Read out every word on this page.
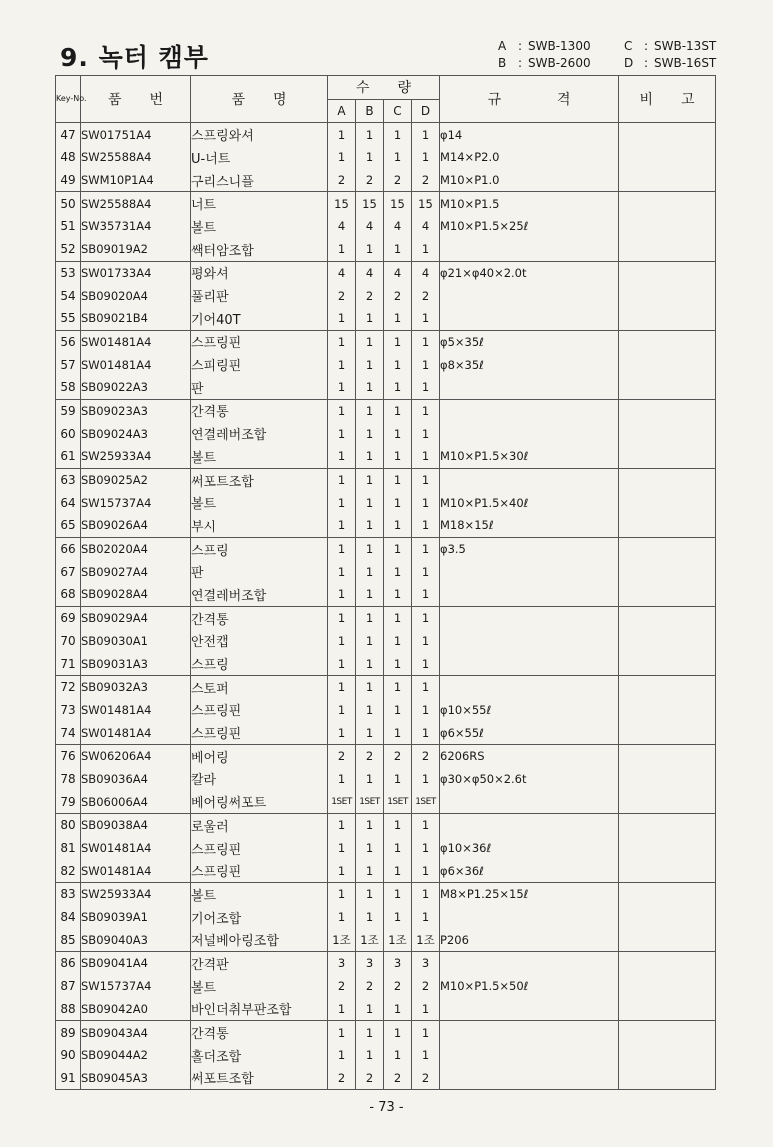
9. 녹터 캠부	A : SWB-1300	C : SWB-13ST
B : SWB-2600	D : SWB-16ST
Key-No.	품　　번	품　　명	수　　량				규　　　　격	비　　고
			A	B	C	D		
47	SW01751A4	스프링와셔	1	1	1	1	φ14	
48	SW25588A4	U-너트	1	1	1	1	M14×P2.0	
49	SWM10P1A4	구리스니플	2	2	2	2	M10×P1.0	
50	SW25588A4	너트	15	15	15	15	M10×P1.5	
51	SW35731A4	볼트	4	4	4	4	M10×P1.5×25ℓ	
52	SB09019A2	쌕터암조합	1	1	1	1		
53	SW01733A4	평와셔	4	4	4	4	φ21×φ40×2.0t	
54	SB09020A4	풀리판	2	2	2	2		
55	SB09021B4	기어40T	1	1	1	1		
56	SW01481A4	스프링핀	1	1	1	1	φ5×35ℓ	
57	SW01481A4	스피링핀	1	1	1	1	φ8×35ℓ	
58	SB09022A3	판	1	1	1	1		
59	SB09023A3	간격통	1	1	1	1		
60	SB09024A3	연결레버조합	1	1	1	1		
61	SW25933A4	볼트	1	1	1	1	M10×P1.5×30ℓ	
63	SB09025A2	써포트조합	1	1	1	1		
64	SW15737A4	볼트	1	1	1	1	M10×P1.5×40ℓ	
65	SB09026A4	부시	1	1	1	1	M18×15ℓ	
66	SB02020A4	스프링	1	1	1	1	φ3.5	
67	SB09027A4	판	1	1	1	1		
68	SB09028A4	연결레버조합	1	1	1	1		
69	SB09029A4	간격통	1	1	1	1		
70	SB09030A1	안전캡	1	1	1	1		
71	SB09031A3	스프링	1	1	1	1		
72	SB09032A3	스토퍼	1	1	1	1		
73	SW01481A4	스프링핀	1	1	1	1	φ10×55ℓ	
74	SW01481A4	스프링핀	1	1	1	1	φ6×55ℓ	
76	SW06206A4	베어링	2	2	2	2	6206RS	
78	SB09036A4	칼라	1	1	1	1	φ30×φ50×2.6t	
79	SB06006A4	베어링써포트	1SET	1SET	1SET	1SET		
80	SB09038A4	로울러	1	1	1	1		
81	SW01481A4	스프링핀	1	1	1	1	φ10×36ℓ	
82	SW01481A4	스프링핀	1	1	1	1	φ6×36ℓ	
83	SW25933A4	볼트	1	1	1	1	M8×P1.25×15ℓ	
84	SB09039A1	기어조합	1	1	1	1		
85	SB09040A3	저널베아링조합	1조	1조	1조	1조	P206	
86	SB09041A4	간격판	3	3	3	3		
87	SW15737A4	볼트	2	2	2	2	M10×P1.5×50ℓ	
88	SB09042A0	바인더취부판조합	1	1	1	1		
89	SB09043A4	간격통	1	1	1	1		
90	SB09044A2	홀더조합	1	1	1	1		
91	SB09045A3	써포트조합	2	2	2	2		
- 73 -
